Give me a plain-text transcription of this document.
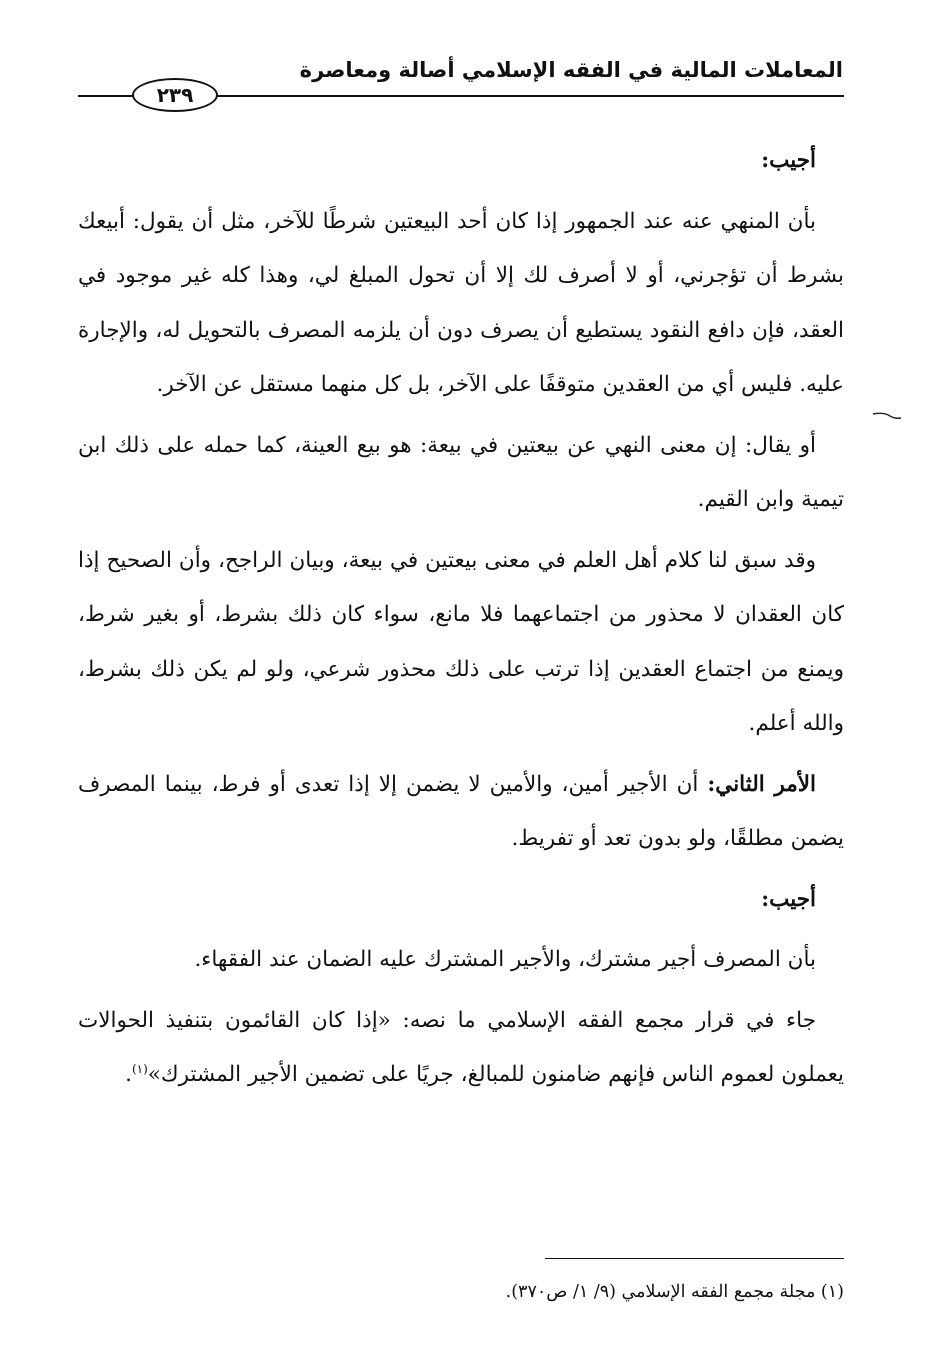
المعاملات المالية في الفقه الإسلامي أصالة ومعاصرة
٢٣٩

أجيب:

بأن المنهي عنه عند الجمهور إذا كان أحد البيعتين شرطًا للآخر، مثل أن يقول: أبيعك بشرط أن تؤجرني، أو لا أصرف لك إلا أن تحول المبلغ لي، وهذا كله غير موجود في العقد، فإن دافع النقود يستطيع أن يصرف دون أن يلزمه المصرف بالتحويل له، والإجارة عليه. فليس أي من العقدين متوقفًا على الآخر، بل كل منهما مستقل عن الآخر.

أو يقال: إن معنى النهي عن بيعتين في بيعة: هو بيع العينة، كما حمله على ذلك ابن تيمية وابن القيم.

وقد سبق لنا كلام أهل العلم في معنى بيعتين في بيعة، وبيان الراجح، وأن الصحيح إذا كان العقدان لا محذور من اجتماعهما فلا مانع، سواء كان ذلك بشرط، أو بغير شرط، ويمنع من اجتماع العقدين إذا ترتب على ذلك محذور شرعي، ولو لم يكن ذلك بشرط، والله أعلم.

الأمر الثاني: أن الأجير أمين، والأمين لا يضمن إلا إذا تعدى أو فرط، بينما المصرف يضمن مطلقًا، ولو بدون تعد أو تفريط.

أجيب:

بأن المصرف أجير مشترك، والأجير المشترك عليه الضمان عند الفقهاء.

جاء في قرار مجمع الفقه الإسلامي ما نصه: «إذا كان القائمون بتنفيذ الحوالات يعملون لعموم الناس فإنهم ضامنون للمبالغ، جريًا على تضمين الأجير المشترك»$^{(١)}$.

(١) مجلة مجمع الفقه الإسلامي (٩/ ١/ ص٣٧٠).
